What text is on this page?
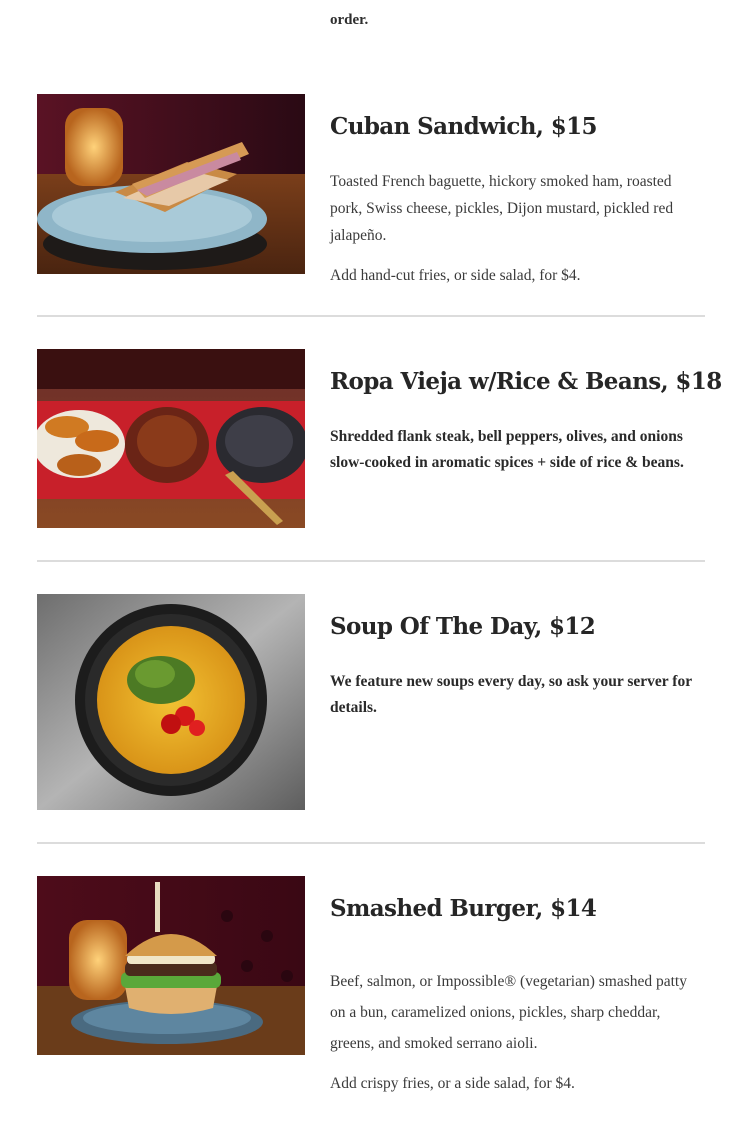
order.
Cuban Sandwich, $15

Toasted French baguette, hickory smoked ham, roasted pork, Swiss cheese, pickles, Dijon mustard, pickled red jalapeño.

Add hand-cut fries, or side salad, for $4.

Ropa Vieja w/Rice & Beans, $18

Shredded flank steak, bell peppers, olives, and onions slow-cooked in aromatic spices + side of rice & beans.

Soup Of The Day, $12

We feature new soups every day, so ask your server for details.

Smashed Burger, $14

Beef, salmon, or Impossible® (vegetarian) smashed patty on a bun, caramelized onions, pickles, sharp cheddar, greens, and smoked serrano aioli.

Add crispy fries, or a side salad, for $4.
